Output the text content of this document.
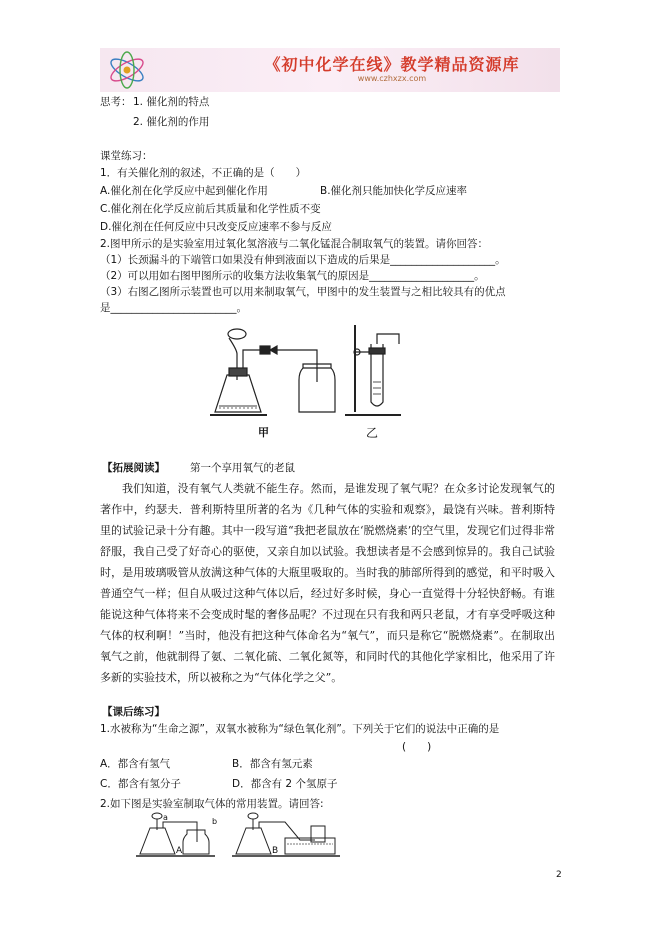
《初中化学在线》教学精品资源库
www.czhxzx.com
思考： 1. 催化剂的特点
2. 催化剂的作用
课堂练习：
1．有关催化剂的叙述，不正确的是（　　）
A.催化剂在化学反应中起到催化作用	B.催化剂只能加快化学反应速率
C.催化剂在化学反应前后其质量和化学性质不变
D.催化剂在任何反应中只改变反应速率不参与反应
2.图甲所示的是实验室用过氧化氢溶液与二氧化锰混合制取氧气的装置。请你回答：
（1）长颈漏斗的下端管口如果没有伸到液面以下造成的后果是____________________。
（2）可以用如右图甲图所示的收集方法收集氧气的原因是____________________。
（3）右图乙图所示装置也可以用来制取氧气，甲图中的发生装置与之相比较具有的优点
是________________________。
甲	乙
【拓展阅读】 第一个享用氧气的老鼠
我们知道，没有氧气人类就不能生存。然而，是谁发现了氧气呢？在众多讨论发现氧气的著作中，约瑟夫．普利斯特里所著的名为《几种气体的实验和观察》，最饶有兴味。普利斯特里的试验记录十分有趣。其中一段写道“我把老鼠放在‘脱燃烧素’的空气里，发现它们过得非常舒服，我自己受了好奇心的驱使，又亲自加以试验。我想读者是不会感到惊异的。我自己试验时，是用玻璃吸管从放满这种气体的大瓶里吸取的。当时我的肺部所得到的感觉，和平时吸入普通空气一样；但自从吸过这种气体以后，经过好多时候，身心一直觉得十分轻快舒畅。有谁能说这种气体将来不会变成时髦的奢侈品呢？不过现在只有我和两只老鼠，才有享受呼吸这种气体的权利啊！”当时，他没有把这种气体命名为“氧气”，而只是称它“脱燃烧素”。在制取出氧气之前，他就制得了氨、二氧化硫、二氧化氮等，和同时代的其他化学家相比，他采用了许多新的实验技术，所以被称之为“气体化学之父”。
【课后练习】
1.水被称为“生命之源”，双氧水被称为“绿色氧化剂”。下列关于它们的说法中正确的是
(　　)
A．都含有氢气	B．都含有氢元素
C．都含有氢分子	D．都含有 2 个氢原子
2.如下图是实验室制取气体的常用装置。请回答:
a	b
A	B
2
